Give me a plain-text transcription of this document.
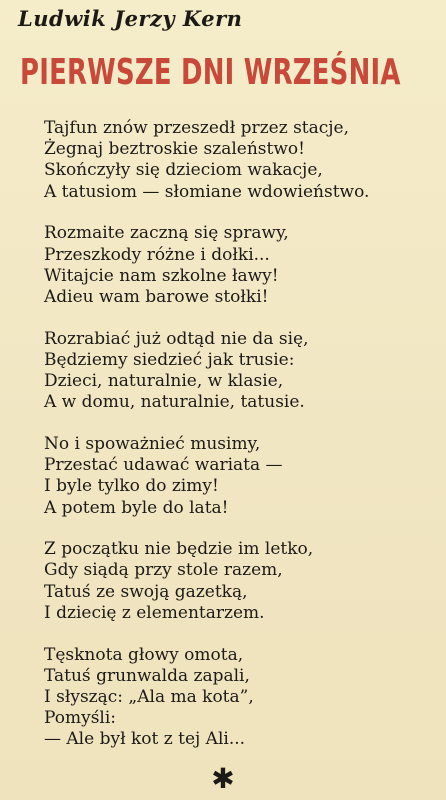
Ludwik Jerzy Kern
PIERWSZE DNI WRZEŚNIA
Tajfun znów przeszedł przez stacje,
Żegnaj beztroskie szaleństwo!
Skończyły się dzieciom wakacje,
A tatusiom — słomiane wdowieństwo.
Rozmaite zaczną się sprawy,
Przeszkody różne i dołki...
Witajcie nam szkolne ławy!
Adieu wam barowe stołki!
Rozrabiać już odtąd nie da się,
Będziemy siedzieć jak trusie:
Dzieci, naturalnie, w klasie,
A w domu, naturalnie, tatusie.
No i spoważnieć musimy,
Przestać udawać wariata —
I byle tylko do zimy!
A potem byle do lata!
Z początku nie będzie im letko,
Gdy siądą przy stole razem,
Tatuś ze swoją gazetką,
I dziecię z elementarzem.
Tęsknota głowy omota,
Tatuś grunwalda zapali,
I słysząc: „Ala ma kota”,
Pomyśli:
— Ale był kot z tej Ali...
✱
